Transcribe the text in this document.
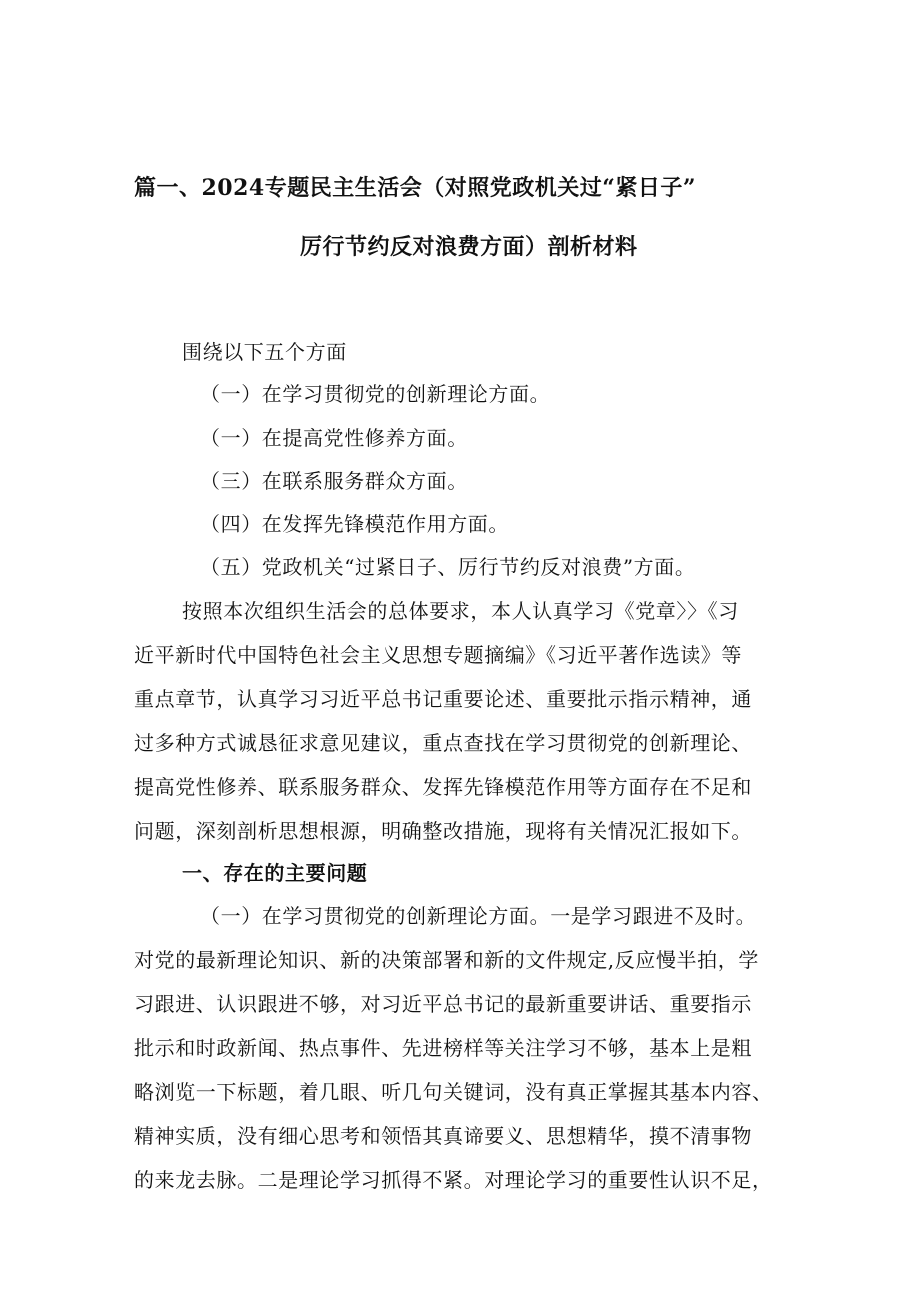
篇一、2024专题民主生活会（对照党政机关过“紧日子”

厉行节约反对浪费方面）剖析材料

围绕以下五个方面

（一）在学习贯彻党的创新理论方面。

（一）在提高党性修养方面。

（三）在联系服务群众方面。

（四）在发挥先锋模范作用方面。

（五）党政机关“过紧日子、厉行节约反对浪费”方面。

按照本次组织生活会的总体要求，本人认真学习《党章〉〉《习

近平新时代中国特色社会主义思想专题摘编》《习近平著作选读》等

重点章节，认真学习习近平总书记重要论述、重要批示指示精神，通

过多种方式诚恳征求意见建议，重点查找在学习贯彻党的创新理论、

提高党性修养、联系服务群众、发挥先锋模范作用等方面存在不足和

问题，深刻剖析思想根源，明确整改措施，现将有关情况汇报如下。

一、存在的主要问题

（一）在学习贯彻党的创新理论方面。一是学习跟进不及时。

对党的最新理论知识、新的决策部署和新的文件规定,反应慢半拍，学

习跟进、认识跟进不够，对习近平总书记的最新重要讲话、重要指示

批示和时政新闻、热点事件、先进榜样等关注学习不够，基本上是粗

略浏览一下标题，着几眼、听几句关键词，没有真正掌握其基本内容、

精神实质，没有细心思考和领悟其真谛要义、思想精华，摸不清事物

的来龙去脉。二是理论学习抓得不紧。对理论学习的重要性认识不足，
